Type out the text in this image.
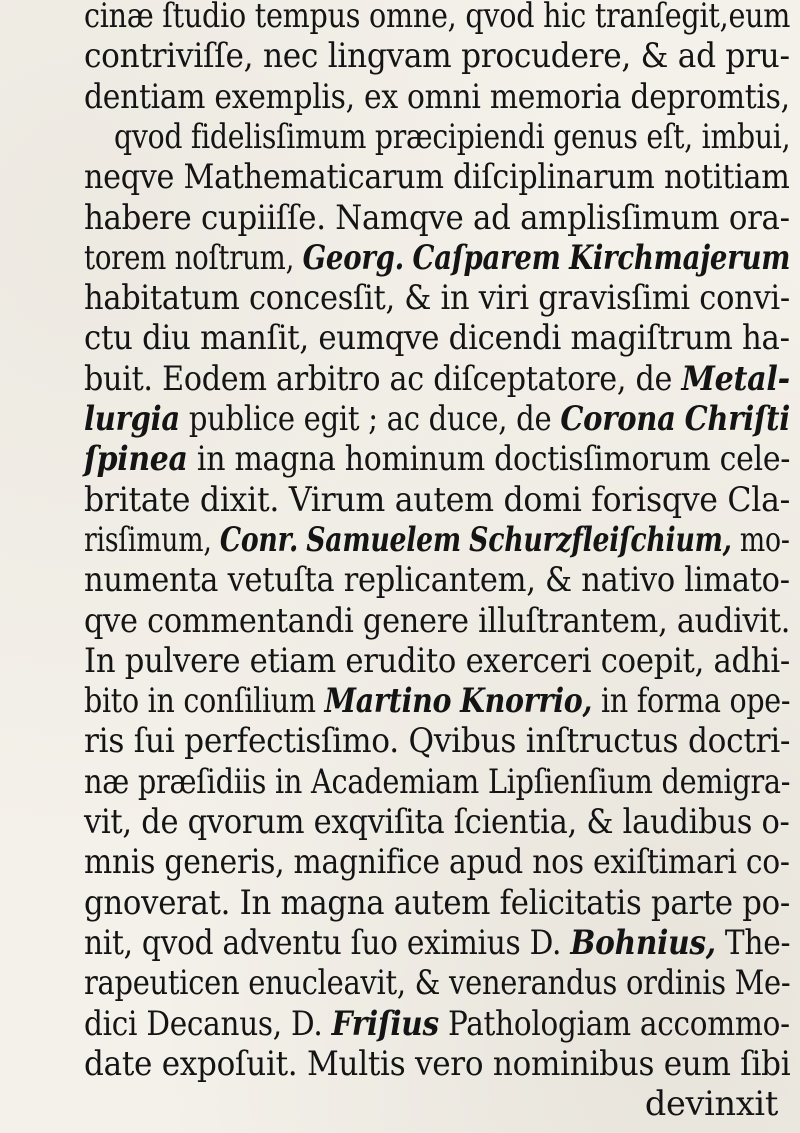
cinæ ſtudio tempus omne, qvod hic tranſegit,eum
contriviſſe, nec lingvam procudere, & ad pru-
dentiam exemplis, ex omni memoria depromtis,
qvod fidelisſimum præcipiendi genus eſt, imbui,
neqve Mathematicarum diſciplinarum notitiam
habere cupiiſſe. Namqve ad amplisſimum ora-
torem noſtrum, Georg. Caſparem Kirchmajerum
habitatum concesſit, & in viri gravisſimi convi-
ctu diu manſit, eumqve dicendi magiſtrum ha-
buit. Eodem arbitro ac diſceptatore, de Metal-
lurgia publice egit ; ac duce, de Corona Chriſti
ſpinea in magna hominum doctisſimorum cele-
britate dixit. Virum autem domi forisqve Cla-
risſimum, Conr. Samuelem Schurzfleiſchium, mo-
numenta vetuſta replicantem, & nativo limato-
qve commentandi genere illuſtrantem, audivit.
In pulvere etiam erudito exerceri coepit, adhi-
bito in conſilium Martino Knorrio, in forma ope-
ris ſui perfectisſimo. Qvibus inſtructus doctri-
næ præſidiis in Academiam Lipſienſium demigra-
vit, de qvorum exqviſita ſcientia, & laudibus o-
mnis generis, magnifice apud nos exiſtimari co-
gnoverat. In magna autem felicitatis parte po-
nit, qvod adventu ſuo eximius D. Bohnius, The-
rapeuticen enucleavit, & venerandus ordinis Me-
dici Decanus, D. Friſius Pathologiam accommo-
date expoſuit. Multis vero nominibus eum ſibi
devinxit
